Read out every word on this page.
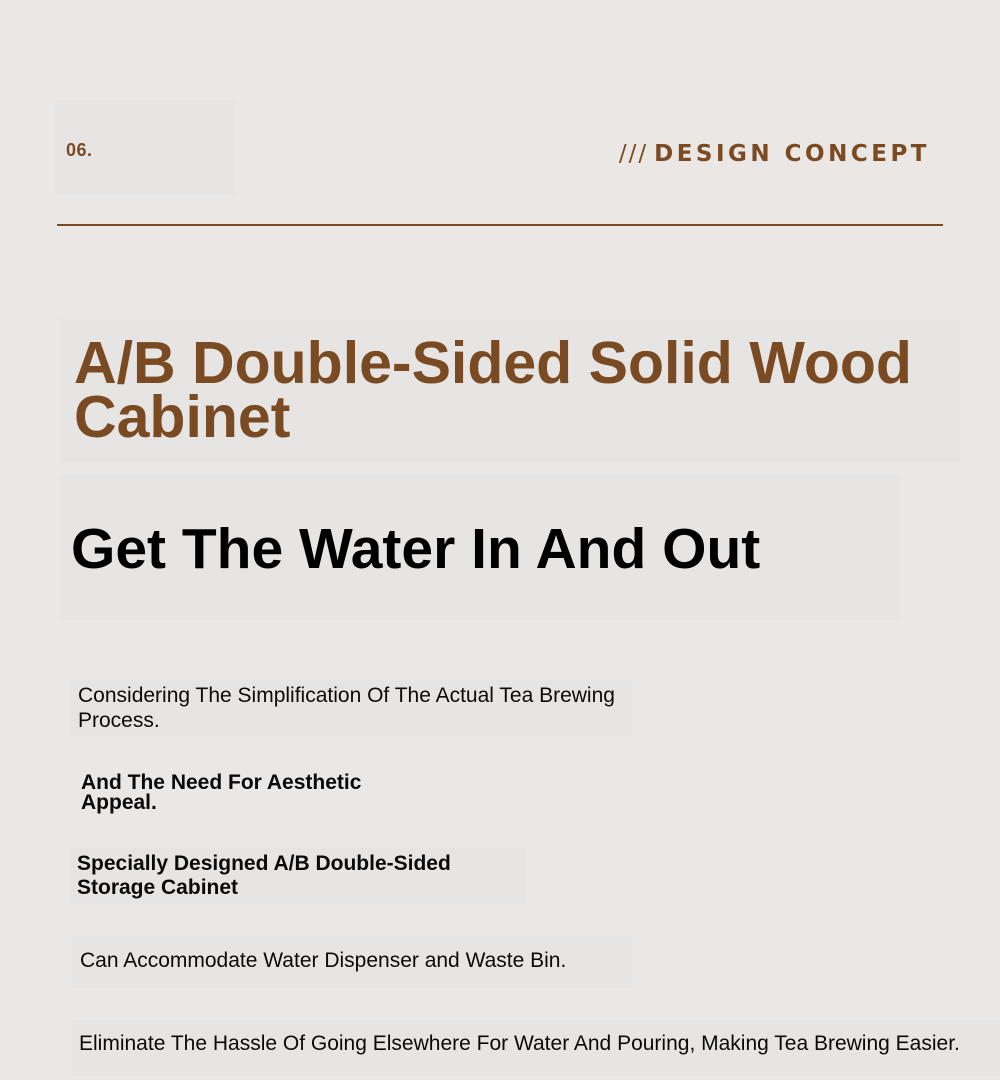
06.	/// DESIGN CONCEPT
A/B Double-Sided Solid Wood Cabinet
Get The Water In And Out

Considering The Simplification Of The Actual Tea Brewing Process.

And The Need For Aesthetic Appeal.

Specially Designed A/B Double-Sided Storage Cabinet

Can Accommodate Water Dispenser and Waste Bin.

Eliminate The Hassle Of Going Elsewhere For Water And Pouring, Making Tea Brewing Easier.
